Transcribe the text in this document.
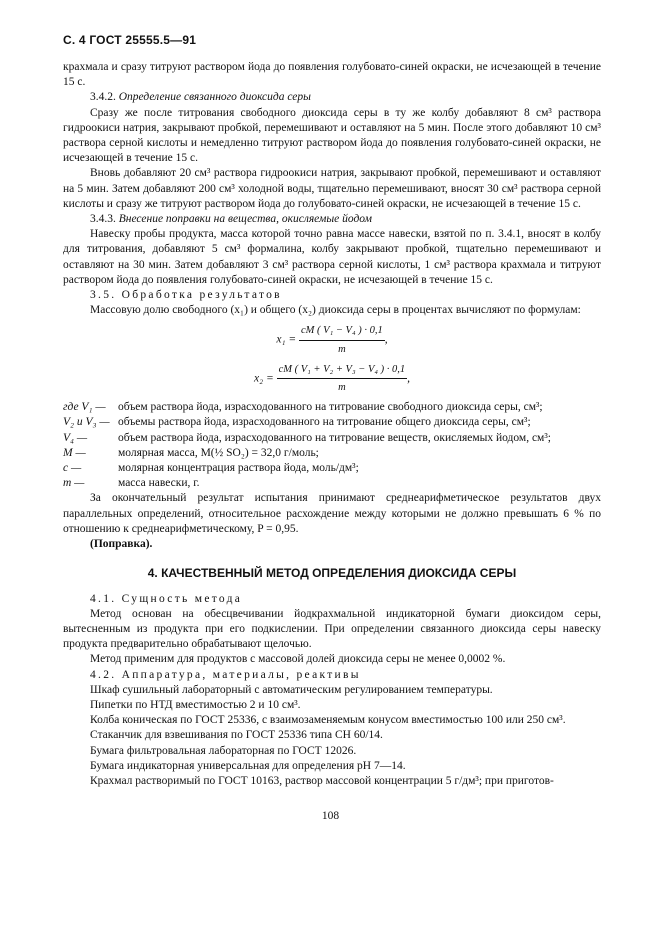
С. 4 ГОСТ 25555.5—91

крахмала и сразу титруют раствором йода до появления голубовато-синей окраски, не исчезающей в течение 15 с.

3.4.2. Определение связанного диоксида серы

Сразу же после титрования свободного диоксида серы в ту же колбу добавляют 8 см³ раствора гидроокиси натрия, закрывают пробкой, перемешивают и оставляют на 5 мин. После этого добавляют 10 см³ раствора серной кислоты и немедленно титруют раствором йода до появления голубовато-синей окраски, не исчезающей в течение 15 с.

Вновь добавляют 20 см³ раствора гидроокиси натрия, закрывают пробкой, перемешивают и оставляют на 5 мин. Затем добавляют 200 см³ холодной воды, тщательно перемешивают, вносят 30 см³ раствора серной кислоты и сразу же титруют раствором йода до голубовато-синей окраски, не исчезающей в течение 15 с.

3.4.3. Внесение поправки на вещества, окисляемые йодом

Навеску пробы продукта, масса которой точно равна массе навески, взятой по п. 3.4.1, вносят в колбу для титрования, добавляют 5 см³ формалина, колбу закрывают пробкой, тщательно перемешивают и оставляют на 30 мин. Затем добавляют 3 см³ раствора серной кислоты, 1 см³ раствора крахмала и титруют раствором йода до появления голубовато-синей окраски, не исчезающей в течение 15 с.

3.5. Обработка результатов

Массовую долю свободного (x₁) и общего (x₂) диоксида серы в процентах вычисляют по формулам:

$x_1 = \frac{\text{cM ( V₁ − V₄ ) · 0,1}}{m}$ ,

$x_2 = \frac{\text{cM ( V₁ + V₂ + V₃ − V₄ ) · 0,1}}{m}$ ,

где V₁ —	объем раствора йода, израсходованного на титрование свободного диоксида серы, см³;
V₂ и V₃ — объемы раствора йода, израсходованного на титрование общего диоксида серы, см³;
V₄ —	объем раствора йода, израсходованного на титрование веществ, окисляемых йодом, см³;
M —	молярная масса, M(½ SO₂) = 32,0 г/моль;
c —	молярная концентрация раствора йода, моль/дм³;
m —	масса навески, г.

За окончательный результат испытания принимают среднеарифметическое результатов двух параллельных определений, относительное расхождение между которыми не должно превышать 6 % по отношению к среднеарифметическому, P = 0,95.

(Поправка).

4. КАЧЕСТВЕННЫЙ МЕТОД ОПРЕДЕЛЕНИЯ ДИОКСИДА СЕРЫ

4.1. Сущность метода

Метод основан на обесцвечивании йодкрахмальной индикаторной бумаги диоксидом серы, вытесненным из продукта при его подкислении. При определении связанного диоксида серы навеску продукта предварительно обрабатывают щелочью.

Метод применим для продуктов с массовой долей диоксида серы не менее 0,0002 %.

4.2. Аппаратура, материалы, реактивы

Шкаф сушильный лабораторный с автоматическим регулированием температуры.

Пипетки по НТД вместимостью 2 и 10 см³.

Колба коническая по ГОСТ 25336, с взаимозаменяемым конусом вместимостью 100 или 250 см³.

Стаканчик для взвешивания по ГОСТ 25336 типа СН 60/14.

Бумага фильтровальная лабораторная по ГОСТ 12026.

Бумага индикаторная универсальная для определения рН 7—14.

Крахмал растворимый по ГОСТ 10163, раствор массовой концентрации 5 г/дм³; при приготов-

108
